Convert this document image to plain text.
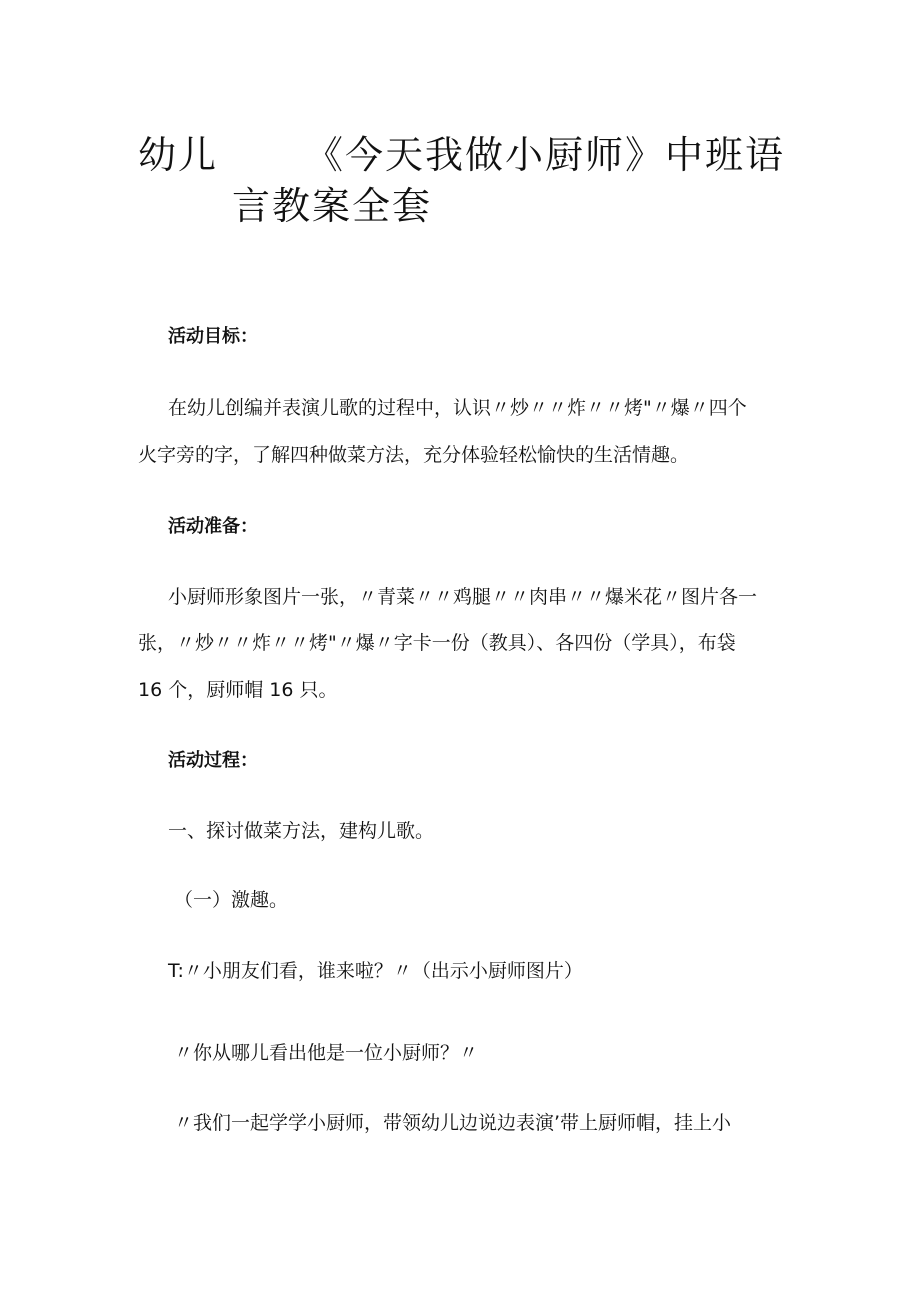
幼儿 《今天我做小厨师》中班语
言教案全套
活动目标：
在幼儿创编并表演儿歌的过程中，认识〃炒〃〃炸〃〃烤"〃爆〃四个
火字旁的字，了解四种做菜方法，充分体验轻松愉快的生活情趣。
活动准备：
小厨师形象图片一张，〃青菜〃〃鸡腿〃〃肉串〃〃爆米花〃图片各一
张，〃炒〃〃炸〃〃烤"〃爆〃字卡一份（教具）、各四份（学具），布袋
16 个，厨师帽 16 只。
活动过程：
一、探讨做菜方法，建构儿歌。
（一）激趣。
T:〃小朋友们看，谁来啦？〃（出示小厨师图片）
〃你从哪儿看出他是一位小厨师？〃
〃我们一起学学小厨师，带领幼儿边说边表演’带上厨师帽，挂上小
